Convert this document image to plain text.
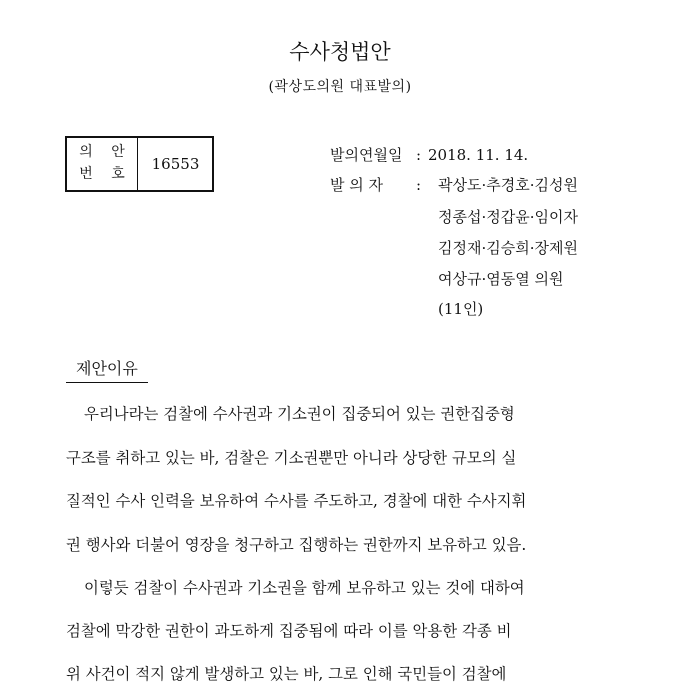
수사청법안
(곽상도의원 대표발의)
의 안
번 호
16553	발의연월일 : 2018. 11. 14.
발 의 자 :	곽상도·추경호·김성원
정종섭·정갑윤·임이자
김정재·김승희·장제원
여상규·염동열 의원
(11인)
제안이유
우리나라는 검찰에 수사권과 기소권이 집중되어 있는 권한집중형
구조를 취하고 있는 바, 검찰은 기소권뿐만 아니라 상당한 규모의 실
질적인 수사 인력을 보유하여 수사를 주도하고, 경찰에 대한 수사지휘
권 행사와 더불어 영장을 청구하고 집행하는 권한까지 보유하고 있음.
이렇듯 검찰이 수사권과 기소권을 함께 보유하고 있는 것에 대하여
검찰에 막강한 권한이 과도하게 집중됨에 따라 이를 악용한 각종 비
위 사건이 적지 않게 발생하고 있는 바, 그로 인해 국민들이 검찰에
